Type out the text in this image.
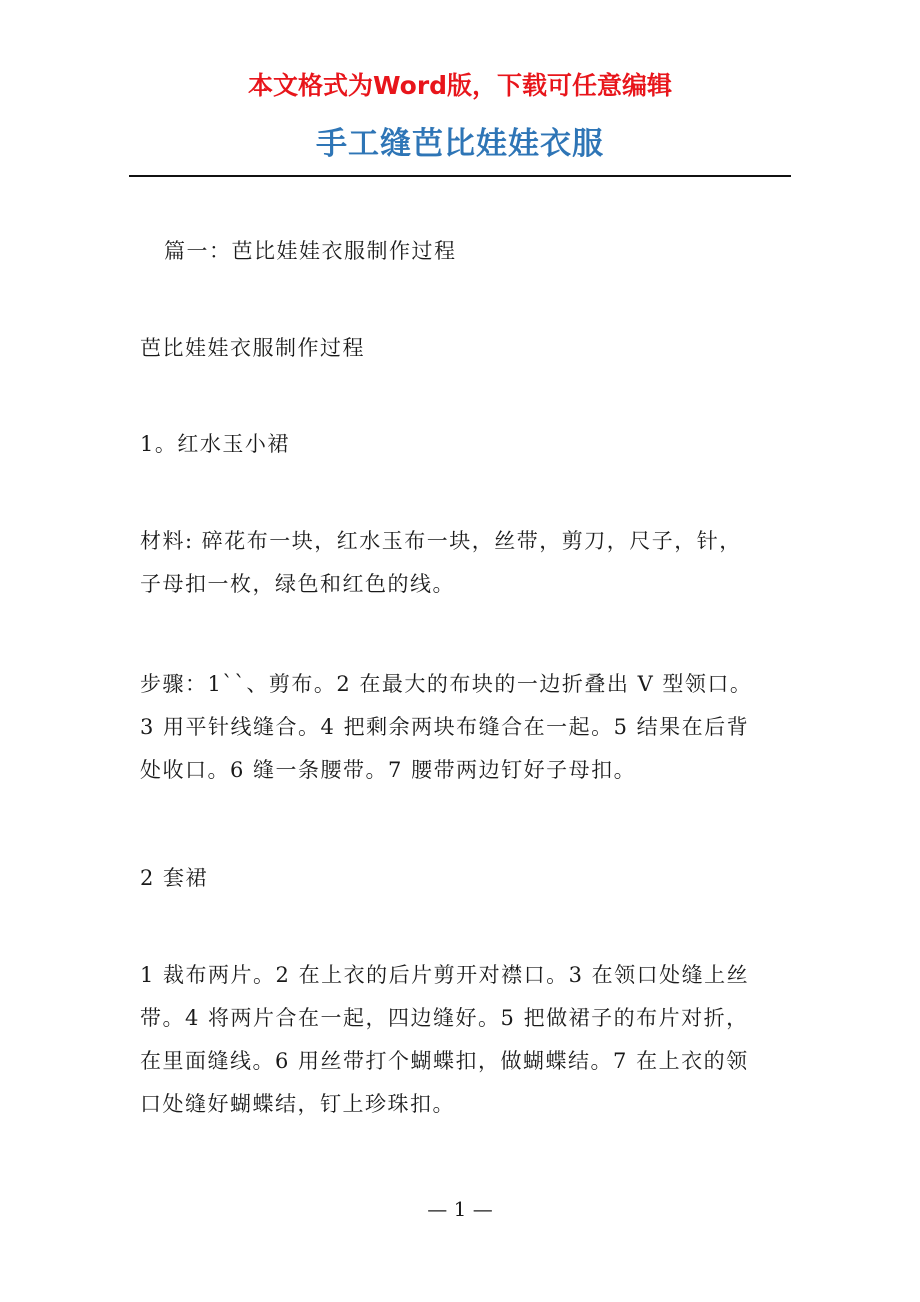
本文格式为Word版，下载可任意编辑
手工缝芭比娃娃衣服

篇一：芭比娃娃衣服制作过程

芭比娃娃衣服制作过程

1。红水玉小裙

材料: 碎花布一块，红水玉布一块，丝带，剪刀，尺子，针，
子母扣一枚，绿色和红色的线。

步骤：1``、剪布。2 在最大的布块的一边折叠出 V 型领口。
3 用平针线缝合。4 把剩余两块布缝合在一起。5 结果在后背
处收口。6 缝一条腰带。7 腰带两边钉好子母扣。

2 套裙

1 裁布两片。2 在上衣的后片剪开对襟口。3 在领口处缝上丝
带。4 将两片合在一起，四边缝好。5 把做裙子的布片对折，
在里面缝线。6 用丝带打个蝴蝶扣，做蝴蝶结。7 在上衣的领
口处缝好蝴蝶结，钉上珍珠扣。

— 1 —
